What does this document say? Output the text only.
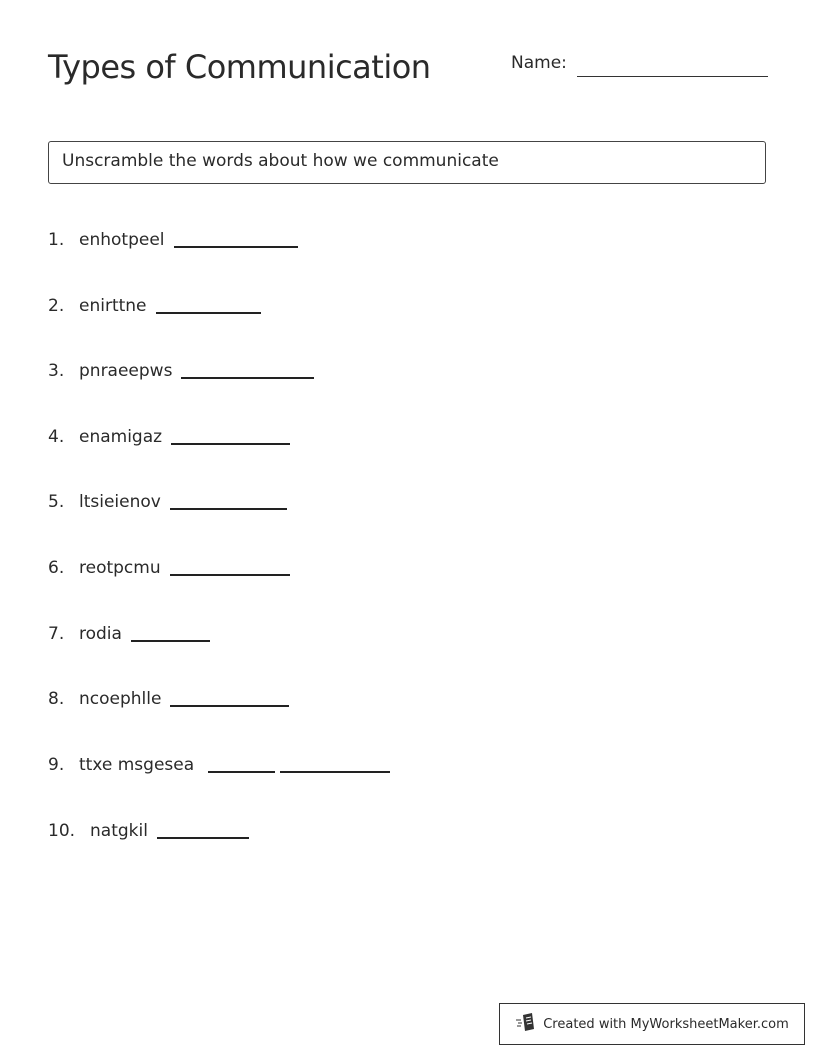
Types of Communication	Name:
Unscramble the words about how we communicate
1. enhotpeel
2. enirttne
3. pnraeepws
4. enamigaz
5. ltsieienov
6. reotpcmu
7. rodia
8. ncoephlle
9. ttxe msgesea
10. natgkil
Created with MyWorksheetMaker.com
